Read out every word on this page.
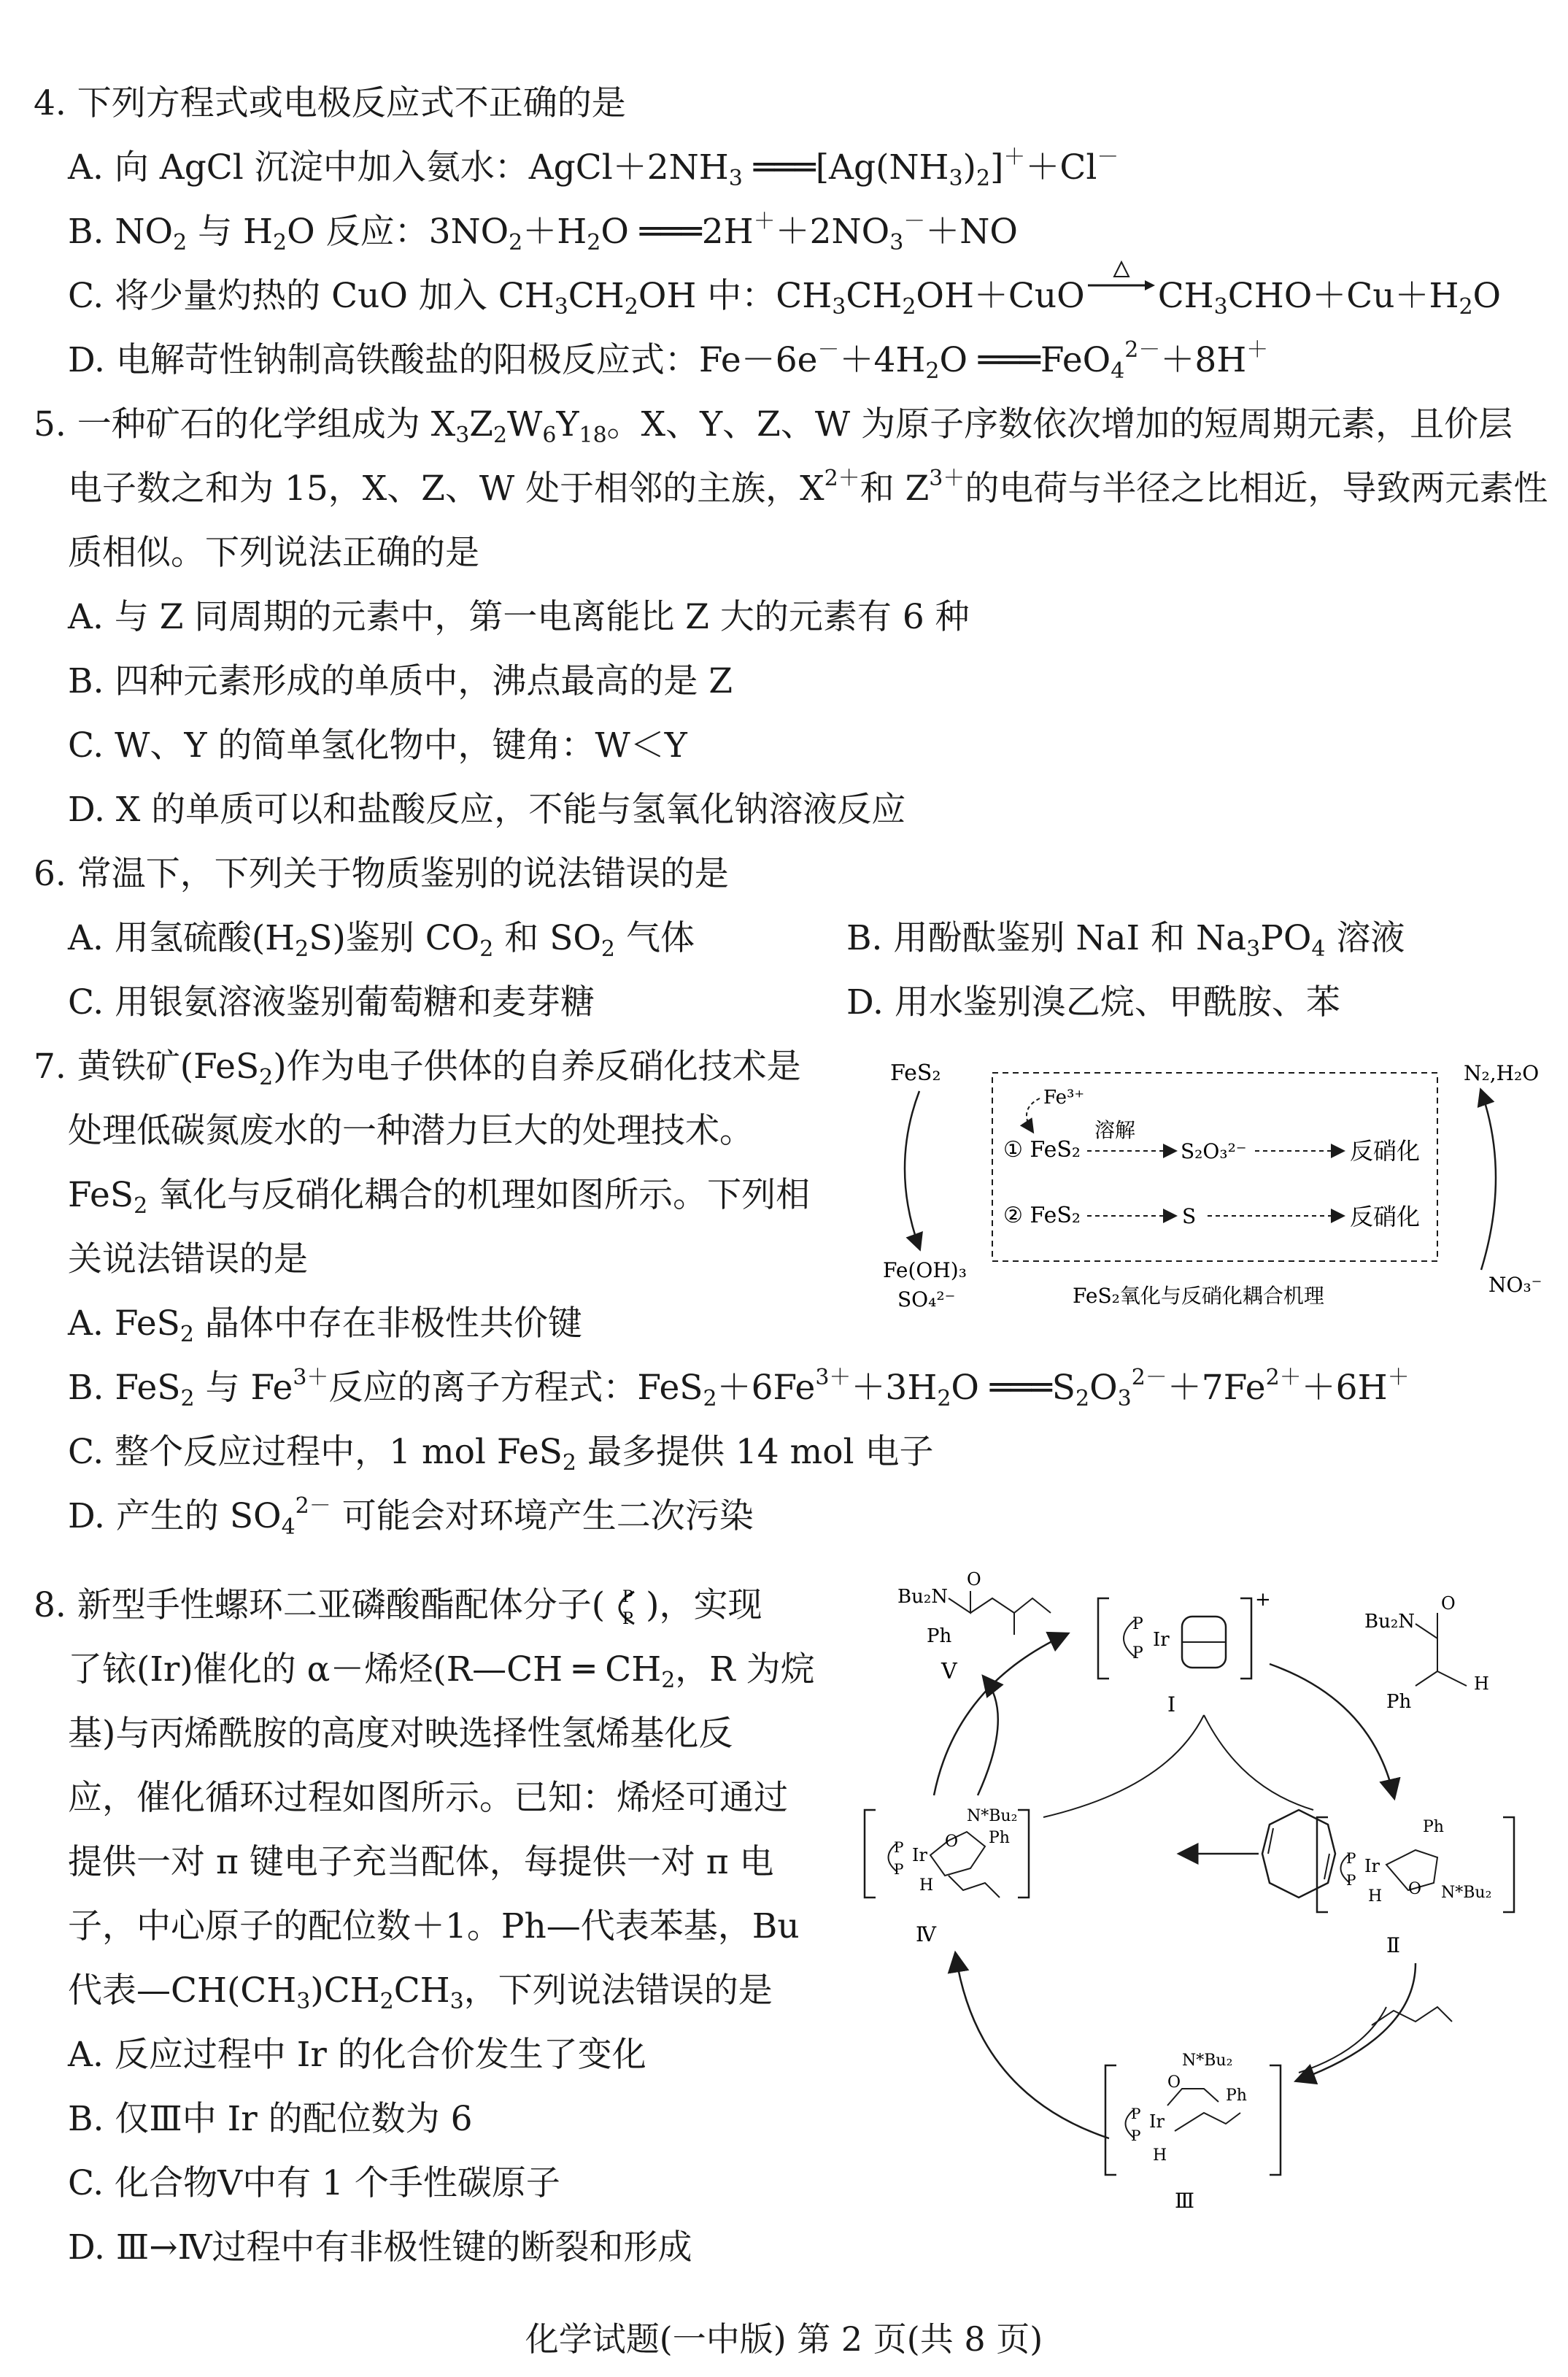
4. 下列方程式或电极反应式不正确的是
A. 向 AgCl 沉淀中加入氨水：$AgCl+2NH_3$ $═══[Ag(NH_3)_2]^++Cl^-$
B. $NO_2$ 与 $H_2O$ 反应：$3NO_2+H_2O$ $═══2H^++2NO_3^-+NO$
C. 将少量灼热的 CuO 加入 $CH_3CH_2OH$ 中：$CH_3CH_2OH+CuO$ $CH_3CHO+Cu+H_2O$
D. 电解苛性钠制高铁酸盐的阳极反应式：$Fe-6e^-+4H_2O$ ═══FeO$_4^{2-}$＋8H＋
5. 一种矿石的化学组成为 $X_3Z_2W_6Y_{18}$。X、Y、Z、W 为原子序数依次增加的短周期元素，且价层
电子数之和为 15，X、Z、W 处于相邻的主族，$X^{2+}$和 $Z^{3+}$的电荷与半径之比相近，导致两元素性
质相似。下列说法正确的是
A. 与 Z 同周期的元素中，第一电离能比 Z 大的元素有 6 种
B. 四种元素形成的单质中，沸点最高的是 Z
C. W、Y 的简单氢化物中，键角：W＜Y
D. X 的单质可以和盐酸反应，不能与氢氧化钠溶液反应
6. 常温下，下列关于物质鉴别的说法错误的是
A. 用氢硫酸$(H_2S)$鉴别 $CO_2$ 和 $SO_2$ 气体	B. 用酚酞鉴别 NaI 和 $Na_3PO_4$ 溶液
C. 用银氨溶液鉴别葡萄糖和麦芽糖	D. 用水鉴别溴乙烷、甲酰胺、苯
7. 黄铁矿(FeS$_2$)作为电子供体的自养反硝化技术是
处理低碳氮废水的一种潜力巨大的处理技术。
FeS$_2$ 氧化与反硝化耦合的机理如图所示。下列相
关说法错误的是
A. FeS$_2$ 晶体中存在非极性共价键
B. FeS$_2$ 与 $Fe^{3+}$反应的离子方程式：$FeS_2+6Fe^{3+}+3H_2O$ $═══S_2O_3^{2-}+7Fe^{2+}+6H^+$
C. 整个反应过程中，1 mol FeS$_2$ 最多提供 14 mol 电子
D. 产生的 $SO_4^{2-}$ 可能会对环境产生二次污染
FeS₂
Fe(OH)₃
SO₄²⁻
N₂,H₂O
NO₃⁻
Fe³⁺
① FeS₂
溶解
S₂O₃²⁻	反硝化
② FeS₂	S	反硝化
FeS₂氧化与反硝化耦合机理
8. 新型手性螺环二亚磷酸酯配体分子( P
P )，实现
了铱(Ir)催化的 α－烯烃(R—CH ═ $CH_2$，R 为烷
基)与丙烯酰胺的高度对映选择性氢烯基化反
应，催化循环过程如图所示。已知：烯烃可通过
提供一对 π 键电子充当配体，每提供一对 π 电
子，中心原子的配位数＋1。Ph—代表苯基，Bu
代表$—CH(CH_3)CH_2CH_3$，下列说法错误的是
A. 反应过程中 Ir 的化合价发生了变化
B. 仅Ⅲ中 Ir 的配位数为 6
C. 化合物Ⅴ中有 1 个手性碳原子
D. Ⅲ→Ⅳ过程中有非极性键的断裂和形成
Bu₂N
O
Ph
Ⅴ
+
P
P
Ir
Ⅰ
Bu₂N
O
Ph
H
P
P
Ir
O
N*Bu₂
Ph
H
Ⅳ
P
P
Ir
Ph
O N*Bu₂
H
Ⅱ
P
P
Ir
O
N*Bu₂
Ph
H
Ⅲ
化学试题(一中版) 第 2 页(共 8 页)
